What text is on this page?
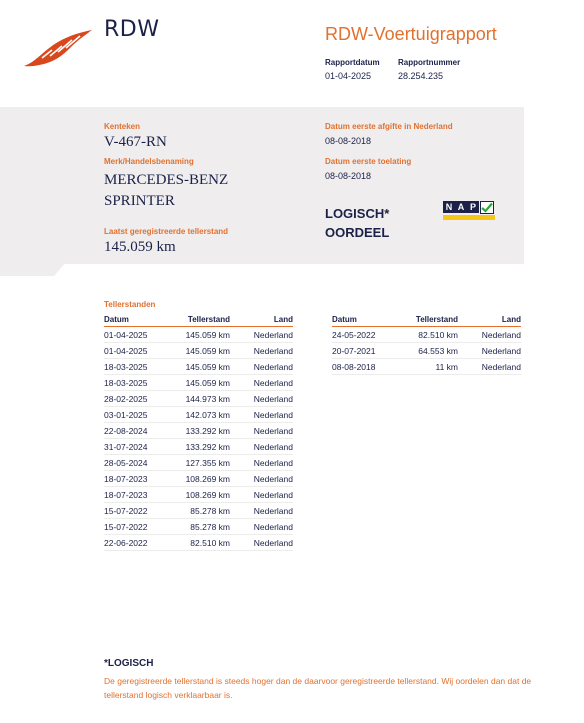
RDW	RDW-Voertuigrapport
Rapportdatum Rapportnummer
01-04-2025	28.254.235
Kenteken
V-467-RN
Merk/Handelsbenaming
MERCEDES-BENZ
SPRINTER
Laatst geregistreerde tellerstand
145.059 km
Datum eerste afgifte in Nederland
08-08-2018
Datum eerste toelating
08-08-2018
LOGISCH* OORDEEL
N A P
Tellerstanden
Datum	Tellerstand	Land
01-04-2025	145.059 km	Nederland
01-04-2025	145.059 km	Nederland
18-03-2025	145.059 km	Nederland
18-03-2025	145.059 km	Nederland
28-02-2025	144.973 km	Nederland
03-01-2025	142.073 km	Nederland
22-08-2024	133.292 km	Nederland
31-07-2024	133.292 km	Nederland
28-05-2024	127.355 km	Nederland
18-07-2023	108.269 km	Nederland
18-07-2023	108.269 km	Nederland
15-07-2022	85.278 km	Nederland
15-07-2022	85.278 km	Nederland
22-06-2022	82.510 km	Nederland
Datum	Tellerstand	Land
24-05-2022	82.510 km	Nederland
20-07-2021	64.553 km	Nederland
08-08-2018	11 km	Nederland
*LOGISCH
De geregistreerde tellerstand is steeds hoger dan de daarvoor geregistreerde tellerstand. Wij oordelen dan dat de tellerstand logisch verklaarbaar is.
